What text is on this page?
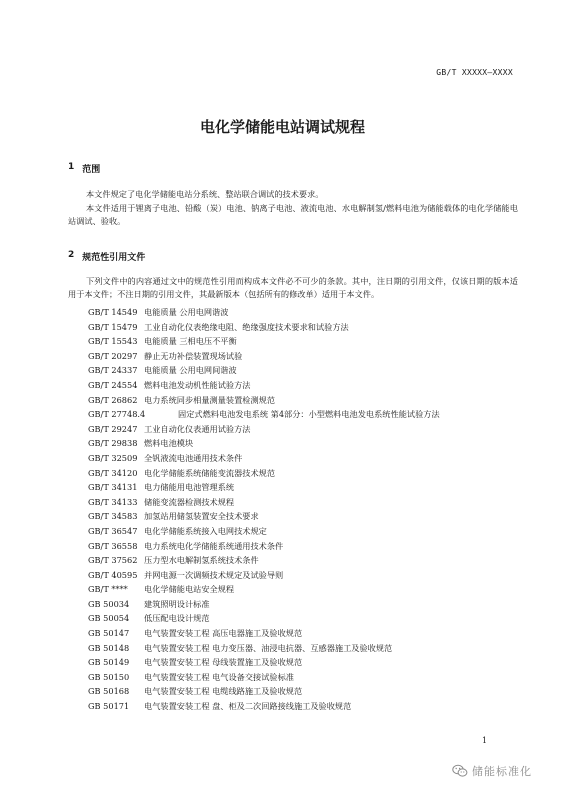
GB/T XXXXX—XXXX
电化学储能电站调试规程
1 范围

本文件规定了电化学储能电站分系统、整站联合调试的技术要求。

本文件适用于锂离子电池、铅酸（炭）电池、钠离子电池、液流电池、水电解制氢/燃料电池为储能载体的电化学储能电站调试、验收。

2 规范性引用文件

下列文件中的内容通过文中的规范性引用而构成本文件必不可少的条款。其中，注日期的引用文件，仅该日期的版本适用于本文件；不注日期的引用文件，其最新版本（包括所有的修改单）适用于本文件。

GB/T 14549 电能质量 公用电网谐波
GB/T 15479 工业自动化仪表绝缘电阻、绝缘强度技术要求和试验方法
GB/T 15543 电能质量 三相电压不平衡
GB/T 20297 静止无功补偿装置现场试验
GB/T 24337 电能质量 公用电网间谐波
GB/T 24554 燃料电池发动机性能试验方法
GB/T 26862 电力系统同步相量测量装置检测规范
GB/T 27748.4	固定式燃料电池发电系统 第4部分：小型燃料电池发电系统性能试验方法
GB/T 29247 工业自动化仪表通用试验方法
GB/T 29838 燃料电池模块
GB/T 32509 全钒液流电池通用技术条件
GB/T 34120 电化学储能系统储能变流器技术规范
GB/T 34131 电力储能用电池管理系统
GB/T 34133 储能变流器检测技术规程
GB/T 34583 加氢站用储氢装置安全技术要求
GB/T 36547 电化学储能系统接入电网技术规定
GB/T 36558 电力系统电化学储能系统通用技术条件
GB/T 37562 压力型水电解制氢系统技术条件
GB/T 40595 并网电源一次调频技术规定及试验导则
GB/T ****	电化学储能电站安全规程
GB 50034	建筑照明设计标准
GB 50054	低压配电设计规范
GB 50147	电气装置安装工程 高压电器施工及验收规范
GB 50148	电气装置安装工程 电力变压器、油浸电抗器、互感器施工及验收规范
GB 50149	电气装置安装工程 母线装置施工及验收规范
GB 50150	电气装置安装工程 电气设备交接试验标准
GB 50168	电气装置安装工程 电缆线路施工及验收规范
GB 50171	电气装置安装工程 盘、柜及二次回路接线施工及验收规范
1
储能标准化
